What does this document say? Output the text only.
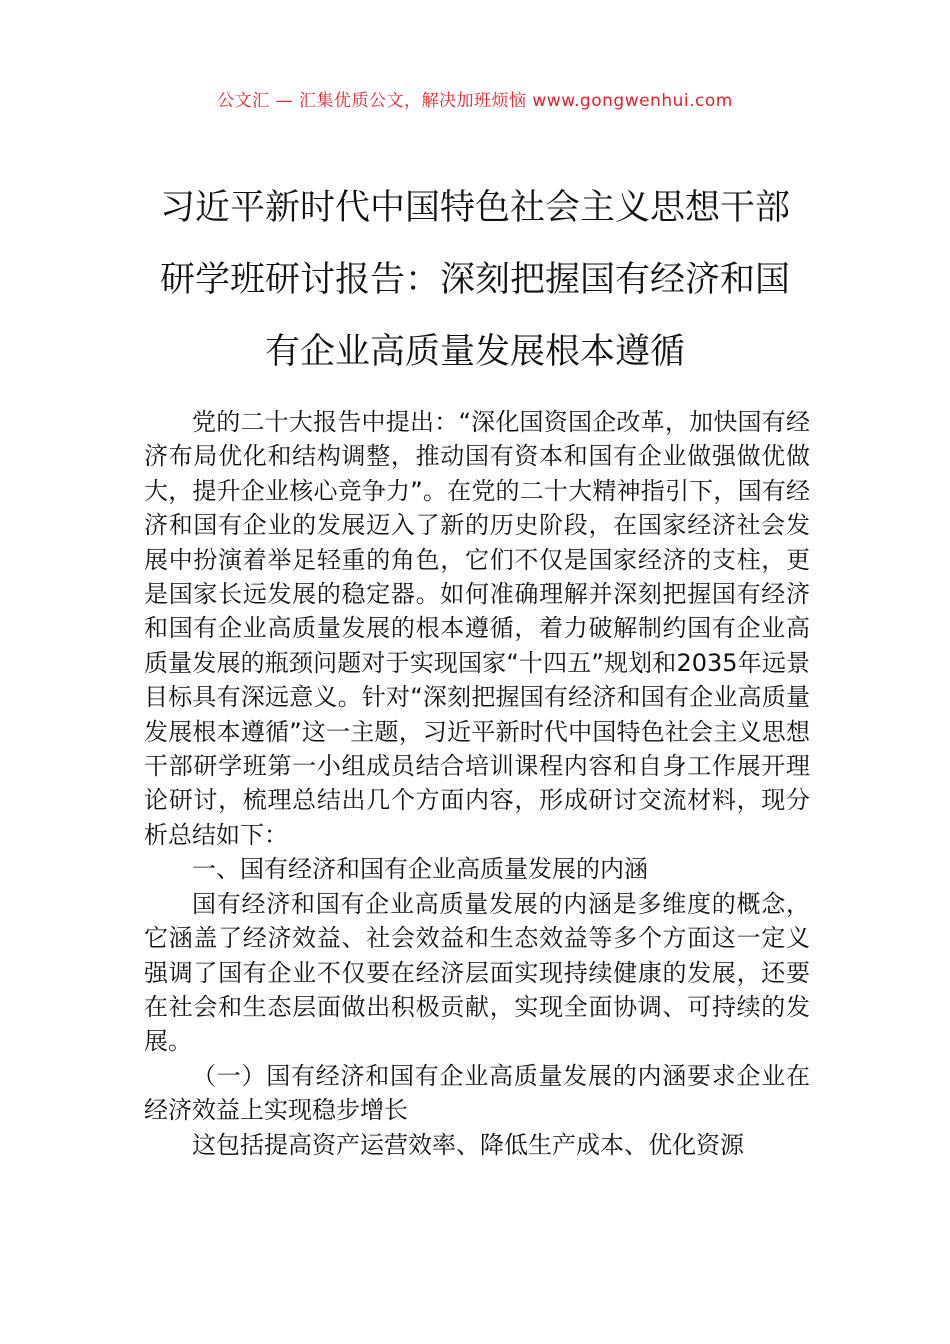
公文汇 — 汇集优质公文，解决加班烦恼 www.gongwenhui.com
习近平新时代中国特色社会主义思想干部
研学班研讨报告：深刻把握国有经济和国
有企业高质量发展根本遵循

党的二十大报告中提出：“深化国资国企改革，加快国有经济布局优化和结构调整，推动国有资本和国有企业做强做优做大，提升企业核心竞争力”。在党的二十大精神指引下，国有经济和国有企业的发展迈入了新的历史阶段，在国家经济社会发展中扮演着举足轻重的角色，它们不仅是国家经济的支柱，更是国家长远发展的稳定器。如何准确理解并深刻把握国有经济和国有企业高质量发展的根本遵循，着力破解制约国有企业高质量发展的瓶颈问题对于实现国家“十四五”规划和2035年远景目标具有深远意义。针对“深刻把握国有经济和国有企业高质量发展根本遵循”这一主题，习近平新时代中国特色社会主义思想干部研学班第一小组成员结合培训课程内容和自身工作展开理论研讨，梳理总结出几个方面内容，形成研讨交流材料，现分析总结如下：

一、国有经济和国有企业高质量发展的内涵

国有经济和国有企业高质量发展的内涵是多维度的概念，它涵盖了经济效益、社会效益和生态效益等多个方面这一定义强调了国有企业不仅要在经济层面实现持续健康的发展，还要在社会和生态层面做出积极贡献，实现全面协调、可持续的发展。

（一）国有经济和国有企业高质量发展的内涵要求企业在经济效益上实现稳步增长

这包括提高资产运营效率、降低生产成本、优化资源
